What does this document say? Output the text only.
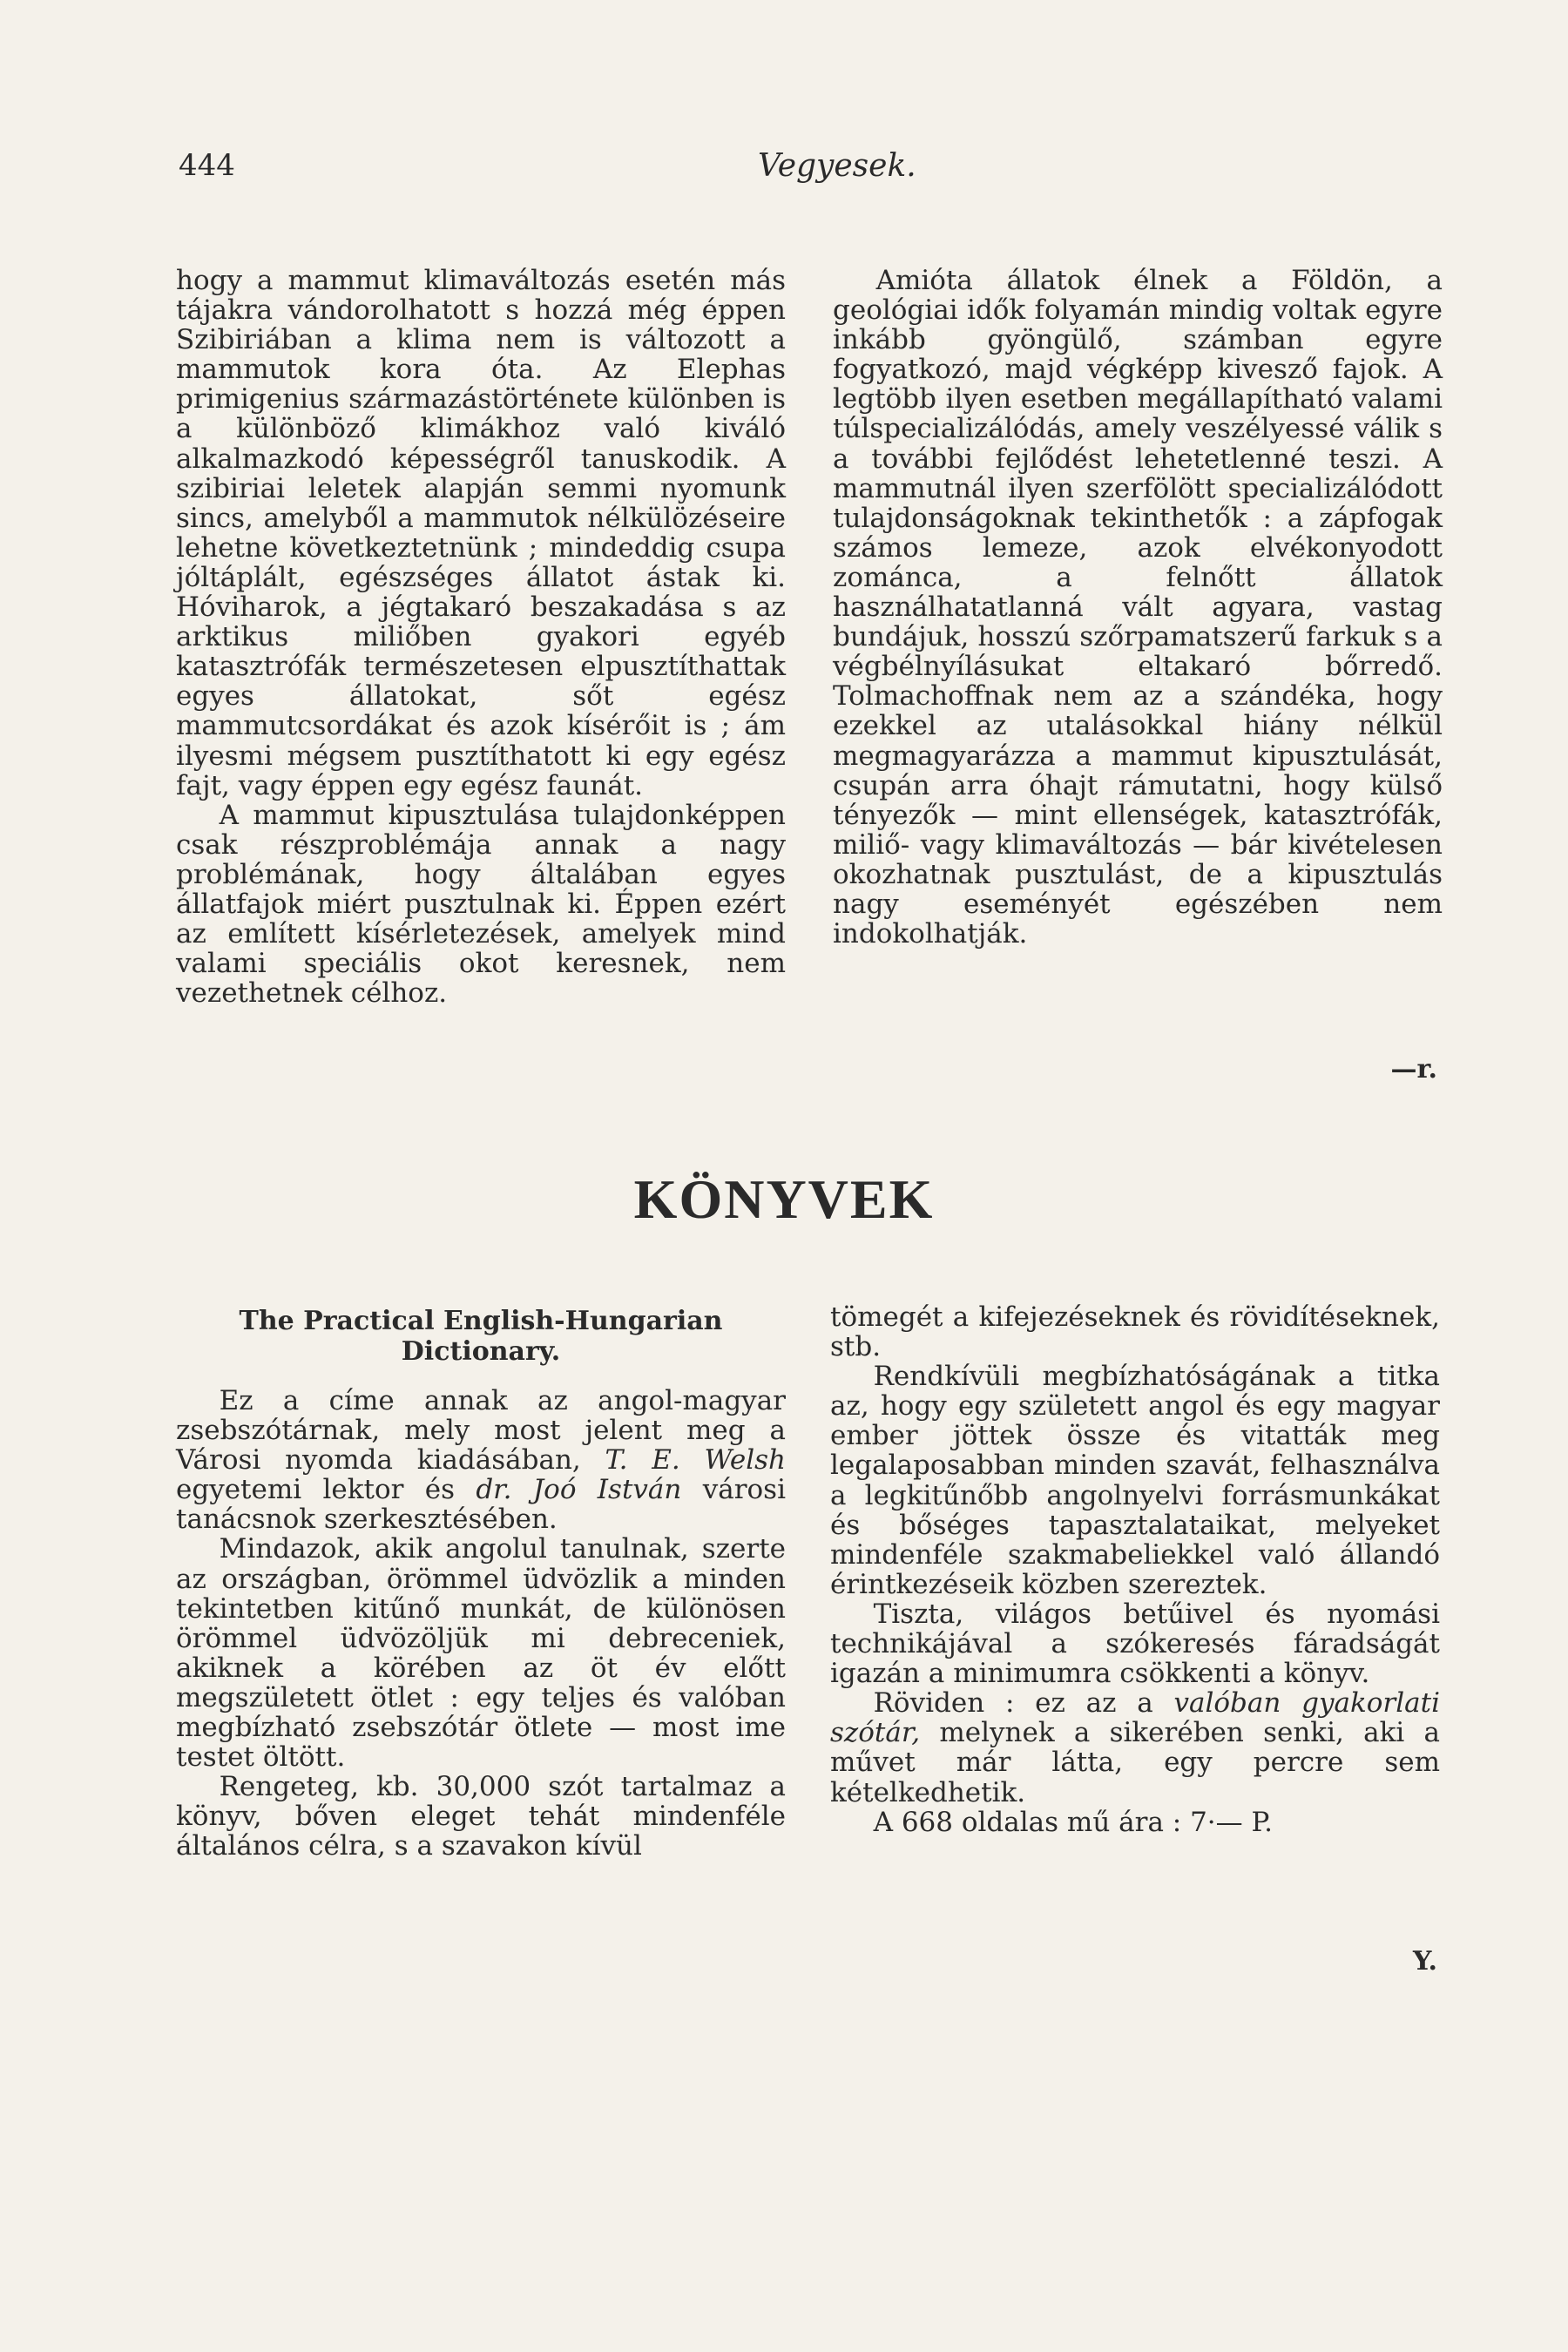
444	Vegyesek.

hogy a mammut klimaváltozás esetén más tájakra vándorolhatott s hozzá még éppen Szibiriában a klima nem is változott a mammutok kora óta. Az Elephas primigenius származástörténete különben is a különböző klimákhoz való kiváló alkalmazkodó képességről tanuskodik. A szibiriai leletek alapján semmi nyomunk sincs, amelyből a mammutok nélkülözéseire lehetne következtetnünk ; mindeddig csupa jóltáplált, egészséges állatot ástak ki. Hóviharok, a jégtakaró beszakadása s az arktikus miliőben gyakori egyéb katasztrófák természetesen elpusztíthattak egyes állatokat, sőt egész mammutcsordákat és azok kísérőit is ; ám ilyesmi mégsem pusztíthatott ki egy egész fajt, vagy éppen egy egész faunát.

A mammut kipusztulása tulajdonképpen csak részproblémája annak a nagy problémának, hogy általában egyes állatfajok miért pusztulnak ki. Éppen ezért az említett kísérletezések, amelyek mind valami speciális okot keresnek, nem vezethetnek célhoz.

Amióta állatok élnek a Földön, a geológiai idők folyamán mindig voltak egyre inkább gyöngülő, számban egyre fogyatkozó, majd végképp kivesző fajok. A legtöbb ilyen esetben megállapítható valami túlspecializálódás, amely veszélyessé válik s a további fejlődést lehetetlenné teszi. A mammutnál ilyen szerfölött specializálódott tulajdonságoknak tekinthetők : a zápfogak számos lemeze, azok elvékonyodott zománca, a felnőtt állatok használhatatlanná vált agyara, vastag bundájuk, hosszú szőrpamatszerű farkuk s a végbélnyílásukat eltakaró bőrredő. Tolmachoffnak nem az a szándéka, hogy ezekkel az utalásokkal hiány nélkül megmagyarázza a mammut kipusztulását, csupán arra óhajt rámutatni, hogy külső tényezők — mint ellenségek, katasztrófák, miliő- vagy klimaváltozás — bár kivételesen okozhatnak pusztulást, de a kipusztulás nagy eseményét egészében nem indokolhatják.

—r.
KÖNYVEK
The Practical English-Hungarian Dictionary.

Ez a címe annak az angol-magyar zsebszótárnak, mely most jelent meg a Városi nyomda kiadásában, T. E. Welsh egyetemi lektor és dr. Joó István városi tanácsnok szerkesztésében.

Mindazok, akik angolul tanulnak, szerte az országban, örömmel üdvözlik a minden tekintetben kitűnő munkát, de különösen örömmel üdvözöljük mi debreceniek, akiknek a körében az öt év előtt megszületett ötlet : egy teljes és valóban megbízható zsebszótár ötlete — most ime testet öltött.

Rengeteg, kb. 30,000 szót tartalmaz a könyv, bőven eleget tehát mindenféle általános célra, s a szavakon kívül

tömegét a kifejezéseknek és rövidítéseknek, stb.

Rendkívüli megbízhatóságának a titka az, hogy egy született angol és egy magyar ember jöttek össze és vitatták meg legalaposabban minden szavát, felhasználva a legkitűnőbb angolnyelvi forrásmunkákat és bőséges tapasztalataikat, melyeket mindenféle szakmabeliekkel való állandó érintkezéseik közben szereztek.

Tiszta, világos betűivel és nyomási technikájával a szókeresés fáradságát igazán a minimumra csökkenti a könyv.

Röviden : ez az a valóban gyakorlati szótár, melynek a sikerében senki, aki a művet már látta, egy percre sem kételkedhetik.

A 668 oldalas mű ára : 7·— P.

Y.
